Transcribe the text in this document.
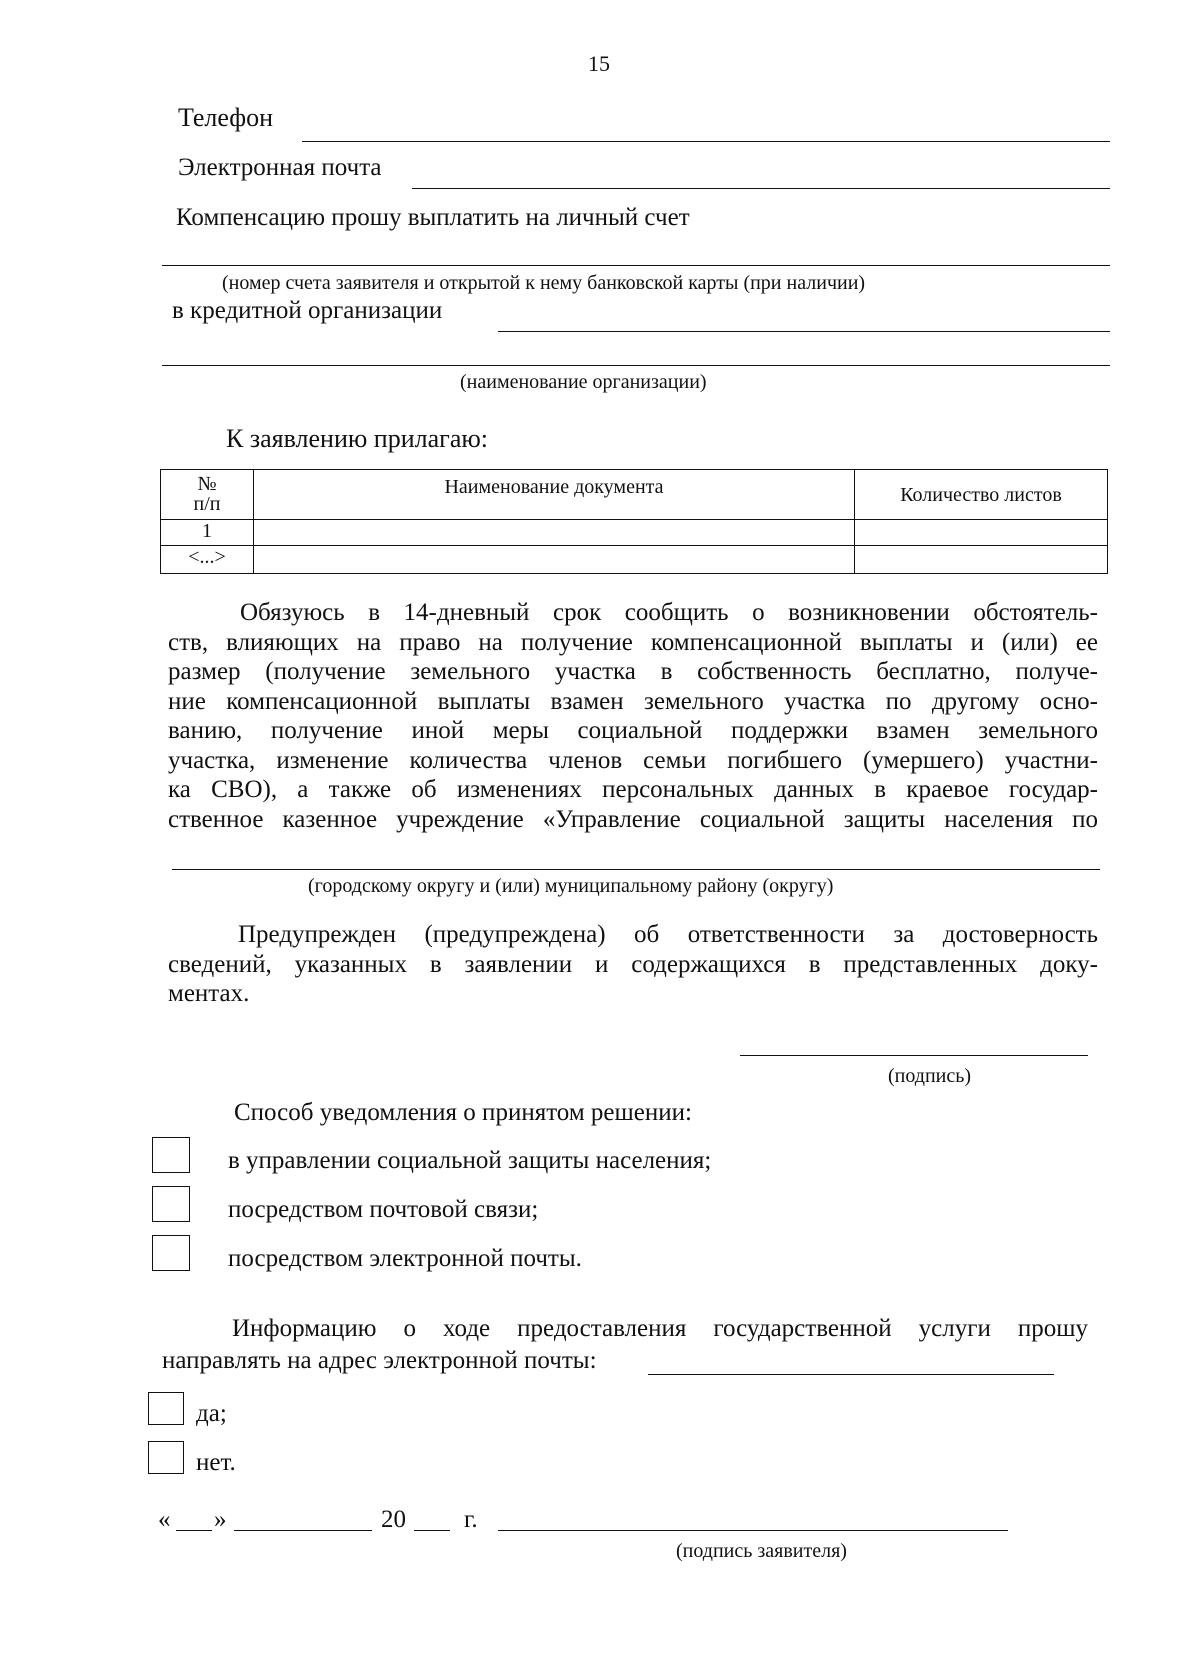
15
Телефон
Электронная почта
Компенсацию прошу выплатить на личный счет
(номер счета заявителя и открытой к нему банковской карты (при наличии)
в кредитной организации
(наименование организации)
К заявлению прилагаю:
№ п/п	Наименование документа	Количество листов
1		
<...>		
Обязуюсь в 14-дневный срок сообщить о возникновении обстоятель-
ств, влияющих на право на получение компенсационной выплаты и (или) ее
размер (получение земельного участка в собственность бесплатно, получе-
ние компенсационной выплаты взамен земельного участка по другому осно-
ванию, получение иной меры социальной поддержки взамен земельного
участка, изменение количества членов семьи погибшего (умершего) участни-
ка СВО), а также об изменениях персональных данных в краевое государ-
ственное казенное учреждение «Управление социальной защиты населения по
(городскому округу и (или) муниципальному району (округу)
Предупрежден (предупреждена) об ответственности за достоверность
сведений, указанных в заявлении и содержащихся в представленных доку-
ментах.
(подпись)
Способ уведомления о принятом решении:
в управлении социальной защиты населения;
посредством почтовой связи;
посредством электронной почты.
Информацию о ходе предоставления государственной услуги прошу
направлять на адрес электронной почты:
да;
нет.
« »	20 г.
(подпись заявителя)
